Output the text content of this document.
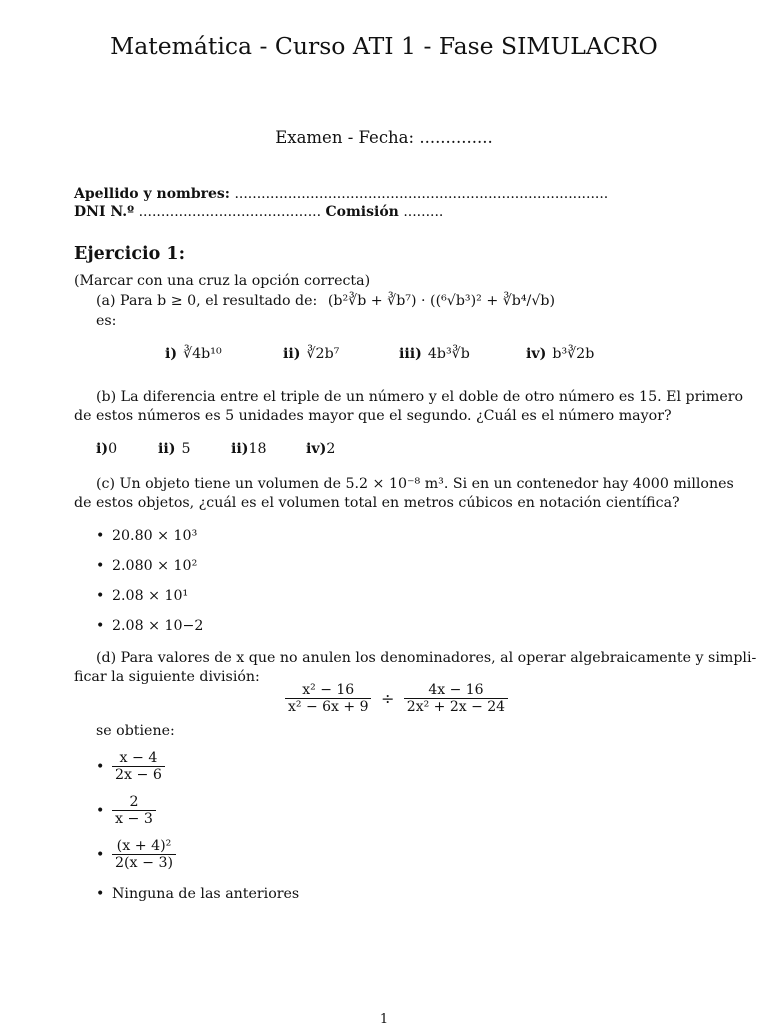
Matemática - Curso ATI 1 - Fase SIMULACRO
Examen - Fecha: ..............
Apellido y nombres: ....................................................................................
DNI N.º ......................................... Comisión .........
Ejercicio 1:
(Marcar con una cruz la opción correcta)
(a) Para b ≥ 0, el resultado de: (b²∛b + ∛b⁷) · ((⁶√b³)² + ∛b⁴/√b)
es:
i) ∛4b¹⁰	ii) ∛2b⁷	iii) 4b³∛b	iv) b³∛2b
(b) La diferencia entre el triple de un número y el doble de otro número es 15. El primero
de estos números es 5 unidades mayor que el segundo. ¿Cuál es el número mayor?
i)0	ii) 5	ii)18	iv)2
(c) Un objeto tiene un volumen de 5.2 × 10⁻⁸ m³. Si en un contenedor hay 4000 millones
de estos objetos, ¿cuál es el volumen total en metros cúbicos en notación científica?
• 20.80 × 10³
• 2.080 × 10²
• 2.08 × 10¹
• 2.08 × 10−2
(d) Para valores de x que no anulen los denominadores, al operar algebraicamente y simpli-
ficar la siguiente división:
$\frac{\text{x² − 16}}{\text{x² − 6x + 9}} \div \frac{4x - 16}{\text{2x² + 2x − 24}}$
se obtiene:
• $\frac{x - 4}{2x - 6}$
• $\frac{2}{x - 3}$
• $\frac{\text{(x + 4)²}}{2(x - 3)}$
• Ninguna de las anteriores
1
